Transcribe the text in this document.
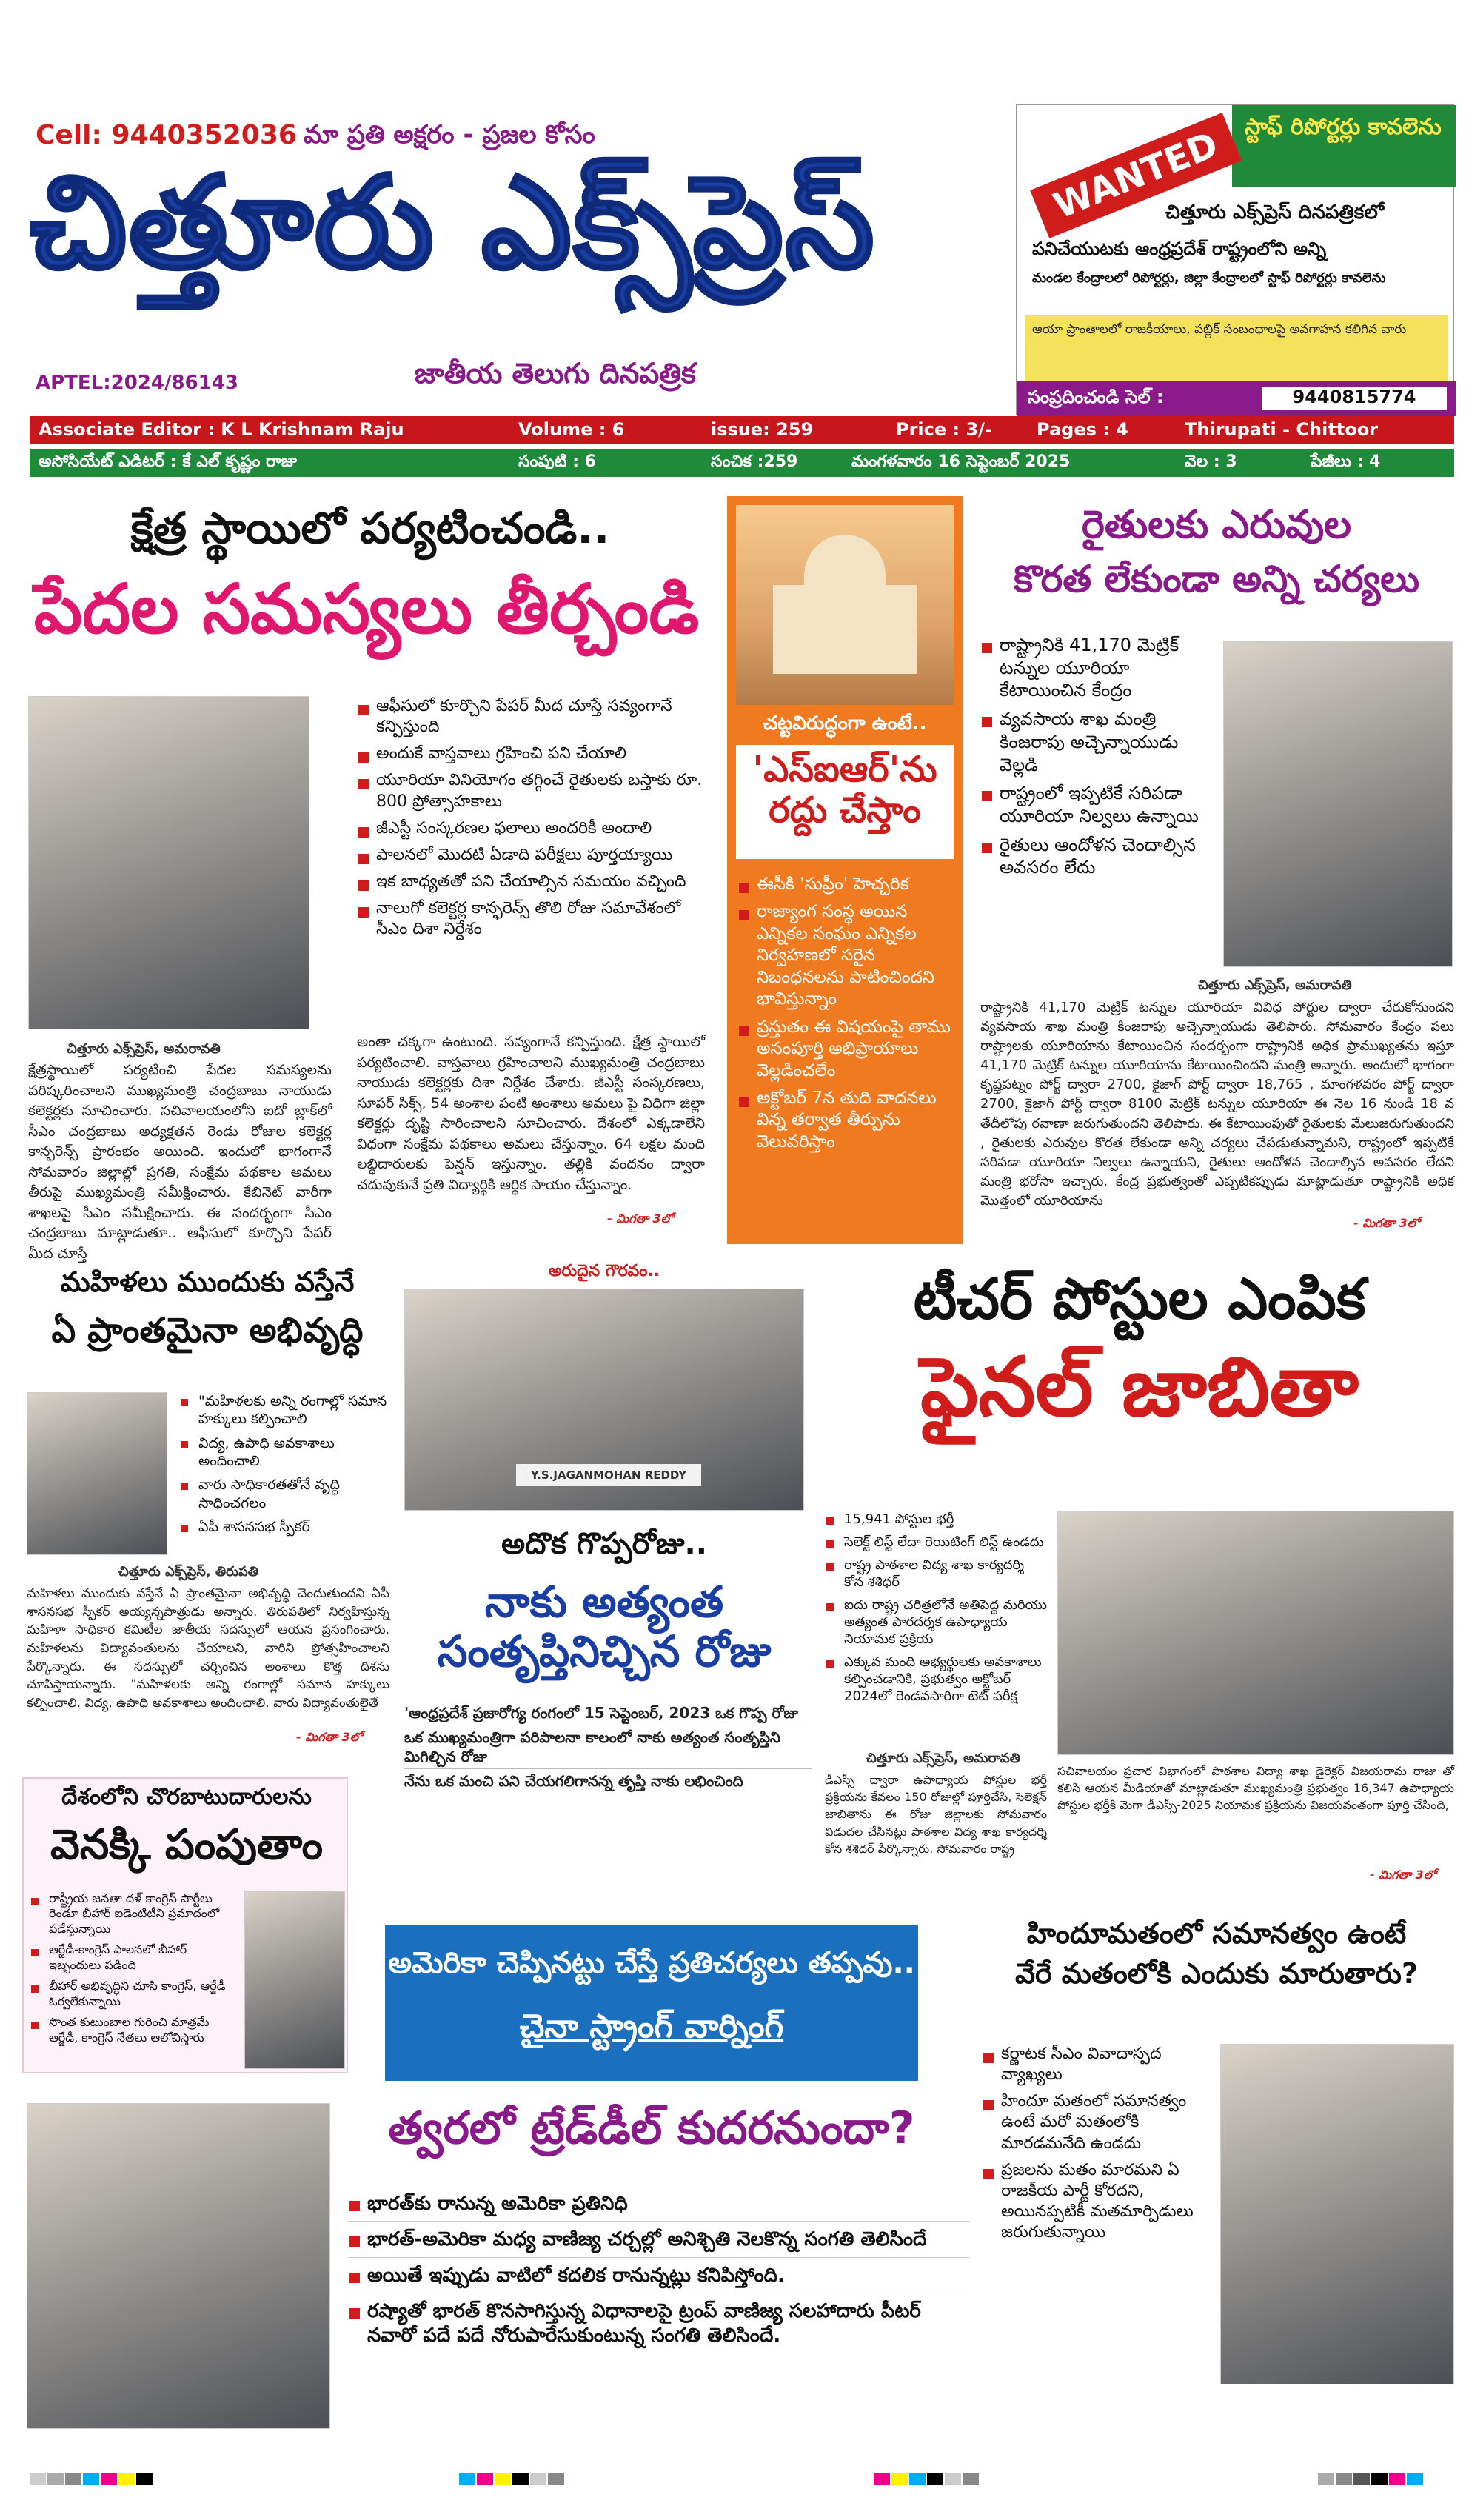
Cell: 9440352036 మా ప్రతి అక్షరం - ప్రజల కోసం
చిత్తూరు ఎక్స్‌ప్రెస్
APTEL:2024/86143	జాతీయ తెలుగు దినపత్రిక
స్టాఫ్ రిపోర్టర్లు కావలెను
WANTED
చిత్తూరు ఎక్స్‌ప్రెస్ దినపత్రికలో
పనిచేయుటకు ఆంధ్రప్రదేశ్ రాష్ట్రంలోని అన్ని
మండల కేంద్రాలలో రిపోర్టర్లు, జిల్లా కేంద్రాలలో స్టాఫ్ రిపోర్టర్లు కావలెను
ఆయా ప్రాంతాలలో రాజకీయాలు, పబ్లిక్ సంబంధాలపై అవగాహన కలిగిన వారు
సంప్రదించండి సెల్ :	9440815774
Associate Editor : K L Krishnam Raju	Volume : 6	issue: 259	Price : 3/-	Pages : 4	Thirupati - Chittoor
అసోసియేట్ ఎడిటర్ : కే ఎల్ కృష్ణం రాజు	సంపుటి : 6	సంచిక :259	మంగళవారం 16 సెప్టెంబర్ 2025	వెల : 3	పేజీలు : 4
క్షేత్ర స్థాయిలో పర్యటించండి..
పేదల సమస్యలు తీర్చండి
ఆఫీసులో కూర్చొని పేపర్ మీద చూస్తే సవ్యంగానే కన్పిస్తుంది
అందుకే వాస్తవాలు గ్రహించి పని చేయాలి
యూరియా వినియోగం తగ్గించే రైతులకు బస్తాకు రూ. 800 ప్రోత్సాహకాలు
జీఎస్టీ సంస్కరణల ఫలాలు అందరికీ అందాలి
పాలనలో మొదటి ఏడాది పరీక్షలు పూర్తయ్యాయి
ఇక బాధ్యతతో పని చేయాల్సిన సమయం వచ్చింది
నాలుగో కలెక్టర్ల కాన్ఫరెన్స్ తొలి రోజు సమావేశంలో సీఎం దిశా నిర్దేశం
చిత్తూరు ఎక్స్‌ప్రెస్, అమరావతి
క్షేత్రస్థాయిలో పర్యటించి పేదల సమస్యలను పరిష్కరించాలని ముఖ్యమంత్రి చంద్రబాబు నాయుడు కలెక్టర్లకు సూచించారు. సచివాలయంలోని ఐదో బ్లాక్‌లో సీఎం చంద్రబాబు అధ్యక్షతన రెండు రోజుల కలెక్టర్ల కాన్ఫరెన్స్ ప్రారంభం అయింది. ఇందులో భాగంగానే సోమవారం జిల్లాల్లో ప్రగతి, సంక్షేమ పథకాల అమలు తీరుపై ముఖ్యమంత్రి సమీక్షించారు. కేబినెట్ వారీగా శాఖలపై సీఎం సమీక్షించారు. ఈ సందర్భంగా సీఎం చంద్రబాబు మాట్లాడుతూ.. ఆఫీసులో కూర్చొని పేపర్ మీద చూస్తే
అంతా చక్కగా ఉంటుంది. సవ్యంగానే కన్పిస్తుంది. క్షేత్ర స్థాయిలో పర్యటించాలి. వాస్తవాలు గ్రహించాలని ముఖ్యమంత్రి చంద్రబాబు నాయుడు కలెక్టర్లకు దిశా నిర్దేశం చేశారు. జీఎస్టీ సంస్కరణలు, సూపర్ సిక్స్, 54 అంశాల పంటి అంశాలు అమలు పై విధిగా జిల్లా కలెక్టర్లు దృష్టి సారించాలని సూచించారు. దేశంలో ఎక్కడాలేని విధంగా సంక్షేమ పథకాలు అమలు చేస్తున్నాం. 64 లక్షల మంది లబ్ధిదారులకు పెన్షన్ ఇస్తున్నాం. తల్లికి వందనం ద్వారా చదువుకునే ప్రతి విద్యార్థికి ఆర్థిక సాయం చేస్తున్నాం.
- మిగతా 3లో
చట్టవిరుద్ధంగా ఉంటే..
'ఎస్ఐఆర్'ను రద్దు చేస్తాం
ఈసీకి 'సుప్రీం' హెచ్చరిక
రాజ్యాంగ సంస్థ అయిన ఎన్నికల సంఘం ఎన్నికల నిర్వహణలో సరైన నిబంధనలను పాటించిందని భావిస్తున్నాం
ప్రస్తుతం ఈ విషయంపై తాము అసంపూర్తి అభిప్రాయాలు వెల్లడించలేం
అక్టోబర్ 7న తుది వాదనలు విన్న తర్వాత తీర్పును వెలువరిస్తాం
రైతులకు ఎరువుల
కొరత లేకుండా అన్ని చర్యలు
రాష్ట్రానికి 41,170 మెట్రిక్ టన్నుల యూరియా కేటాయించిన కేంద్రం
వ్యవసాయ శాఖ మంత్రి కింజరాపు అచ్చెన్నాయుడు వెల్లడి
రాష్ట్రంలో ఇప్పటికే సరిపడా యూరియా నిల్వలు ఉన్నాయి
రైతులు ఆందోళన చెందాల్సిన అవసరం లేదు
చిత్తూరు ఎక్స్‌ప్రెస్, అమరావతి
రాష్ట్రానికి 41,170 మెట్రిక్ టన్నుల యూరియా వివిధ పోర్టుల ద్వారా చేరుకోనుందని వ్యవసాయ శాఖ మంత్రి కింజరాపు అచ్చెన్నాయుడు తెలిపారు. సోమవారం కేంద్రం పలు రాష్ట్రాలకు యూరియాను కేటాయించిన సందర్భంగా రాష్ట్రానికి అధిక ప్రాముఖ్యతను ఇస్తూ 41,170 మెట్రిక్ టన్నుల యూరియాను కేటాయించిందని మంత్రి అన్నారు. అందులో భాగంగా కృష్ణపట్నం పోర్ట్ ద్వారా 2700, కైజాగ్ పోర్ట్ ద్వారా 18,765 , మాంగళవరం పోర్ట్ ద్వారా 2700, కైజాగ్ పోర్ట్ ద్వారా 8100 మెట్రిక్ టన్నుల యూరియా ఈ నెల 16 నుండి 18 వ తేదీలోపు రవాణా జరుగుతుందని తెలిపారు. ఈ కేటాయింపుతో రైతులకు మేలుజరుగుతుందని , రైతులకు ఎరువుల కొరత లేకుండా అన్ని చర్యలు చేపడుతున్నామని, రాష్ట్రంలో ఇప్పటికే సరిపడా యూరియా నిల్వలు ఉన్నాయని, రైతులు ఆందోళన చెందాల్సిన అవసరం లేదని మంత్రి భరోసా ఇచ్చారు. కేంద్ర ప్రభుత్వంతో ఎప్పటికప్పుడు మాట్లాడుతూ రాష్ట్రానికి అధిక మొత్తంలో యూరియాను
- మిగతా 3లో
మహిళలు ముందుకు వస్తేనే
ఏ ప్రాంతమైనా అభివృద్ధి
"మహిళలకు అన్ని రంగాల్లో సమాన హక్కులు కల్పించాలి
విద్య, ఉపాధి అవకాశాలు అందించాలి
వారు సాధికారతతోనే వృద్ధి సాధించగలం
ఏపీ శాసనసభ స్పీకర్
చిత్తూరు ఎక్స్‌ప్రెస్, తిరుపతి
మహిళలు ముందుకు వస్తేనే ఏ ప్రాంతమైనా అభివృద్ధి చెందుతుందని ఏపీ శాసనసభ స్పీకర్ అయ్యన్నపాత్రుడు అన్నారు. తిరుపతిలో నిర్వహిస్తున్న మహిళా సాధికార కమిటీల జాతీయ సదస్సులో ఆయన ప్రసంగించారు. మహిళలను విద్యావంతులను చేయాలని, వారిని ప్రోత్సహించాలని పేర్కొన్నారు. ఈ సదస్సులో చర్చించిన అంశాలు కొత్త దిశను చూపిస్తాయన్నారు. "మహిళలకు అన్ని రంగాల్లో సమాన హక్కులు కల్పించాలి. విద్య, ఉపాధి అవకాశాలు అందించాలి. వారు విద్యావంతులైతే
- మిగతా 3లో
Y.S.JAGANMOHAN REDDY
అరుదైన గౌరవం..
అదొక గొప్పరోజు..
నాకు అత్యంత సంతృప్తినిచ్చిన రోజు
'ఆంధ్రప్రదేశ్ ప్రజారోగ్య రంగంలో 15 సెప్టెంబర్, 2023 ఒక గొప్ప రోజు
ఒక ముఖ్యమంత్రిగా పరిపాలనా కాలంలో నాకు అత్యంత సంతృప్తిని మిగిల్చిన రోజు
నేను ఒక మంచి పని చేయగలిగానన్న తృప్తి నాకు లభించింది
టీచర్ పోస్టుల ఎంపిక
ఫైనల్ జాబితా
15,941 పోస్టుల భర్తీ
సెలెక్ట్ లిస్ట్ లేదా రెయిటింగ్ లిస్ట్ ఉండదు
రాష్ట్ర పాఠశాల విద్య శాఖ కార్యదర్శి కోన శశిధర్
ఐదు రాష్ట్ర చరిత్రలోనే అతిపెద్ద మరియు అత్యంత పారదర్శక ఉపాధ్యాయ నియామక ప్రక్రియ
ఎక్కువ మంది అభ్యర్థులకు అవకాశాలు కల్పించడానికి, ప్రభుత్వం అక్టోబర్ 2024లో రెండవసారిగా టెట్ పరీక్ష
చిత్తూరు ఎక్స్‌ప్రెస్, అమరావతి
డీఎస్సీ ద్వారా ఉపాధ్యాయ పోస్టుల భర్తీ ప్రక్రియను కేవలం 150 రోజుల్లో పూర్తిచేసి, సెలెక్షన్ జాబితాను ఈ రోజు జిల్లాలకు సోమవారం విడుదల చేసినట్లు పాఠశాల విద్య శాఖ కార్యదర్శి కోన శశిధర్ పేర్కొన్నారు. సోమవారం రాష్ట్ర
సచివాలయం ప్రచార విభాగంలో పాఠశాల విద్యా శాఖ డైరెక్టర్ విజయరామ రాజు తో కలిసి ఆయన మీడియాతో మాట్లాడుతూ ముఖ్యమంత్రి ప్రభుత్వం 16,347 ఉపాధ్యాయ పోస్టుల భర్తీకి మెగా డీఎస్సీ-2025 నియామక ప్రక్రియను విజయవంతంగా పూర్తి చేసింది,
- మిగతా 3లో
దేశంలోని చొరబాటుదారులను
వెనక్కి పంపుతాం
రాష్ట్రీయ జనతా దళ్ కాంగ్రెస్ పార్టీలు రెండూ బీహార్ ఐడెంటిటీని ప్రమాదంలో పడేస్తున్నాయి
ఆర్జేడీ-కాంగ్రెస్ పాలనలో బీహార్ ఇబ్బందులు పడింది
బీహార్ అభివృద్ధిని చూసి కాంగ్రెస్, ఆర్జేడీ ఓర్వలేకున్నాయి
సొంత కుటుంబాల గురించి మాత్రమే ఆర్జేడీ, కాంగ్రెస్ నేతలు ఆలోచిస్తారు
అమెరికా చెప్పినట్టు చేస్తే ప్రతిచర్యలు తప్పవు..
చైనా స్ట్రాంగ్ వార్నింగ్
హిందూమతంలో సమానత్వం ఉంటే
వేరే మతంలోకి ఎందుకు మారుతారు?
కర్ణాటక సీఎం వివాదాస్పద వ్యాఖ్యలు
హిందూ మతంలో సమానత్వం ఉంటే మరో మతంలోకి మారడమనేది ఉండదు
ప్రజలను మతం మారమని ఏ రాజకీయ పార్టీ కోరదని, అయినప్పటికీ మతమార్పిడులు జరుగుతున్నాయి
త్వరలో ట్రేడ్‌డీల్ కుదరనుందా?
భారత్‌కు రానున్న అమెరికా ప్రతినిధి
భారత్-అమెరికా మధ్య వాణిజ్య చర్చల్లో అనిశ్చితి నెలకొన్న సంగతి తెలిసిందే
అయితే ఇప్పుడు వాటిలో కదలిక రానున్నట్లు కనిపిస్తోంది.
రష్యాతో భారత్ కొనసాగిస్తున్న విధానాలపై ట్రంప్ వాణిజ్య సలహాదారు పీటర్ నవారో పదే పదే నోరుపారేసుకుంటున్న సంగతి తెలిసిందే.
